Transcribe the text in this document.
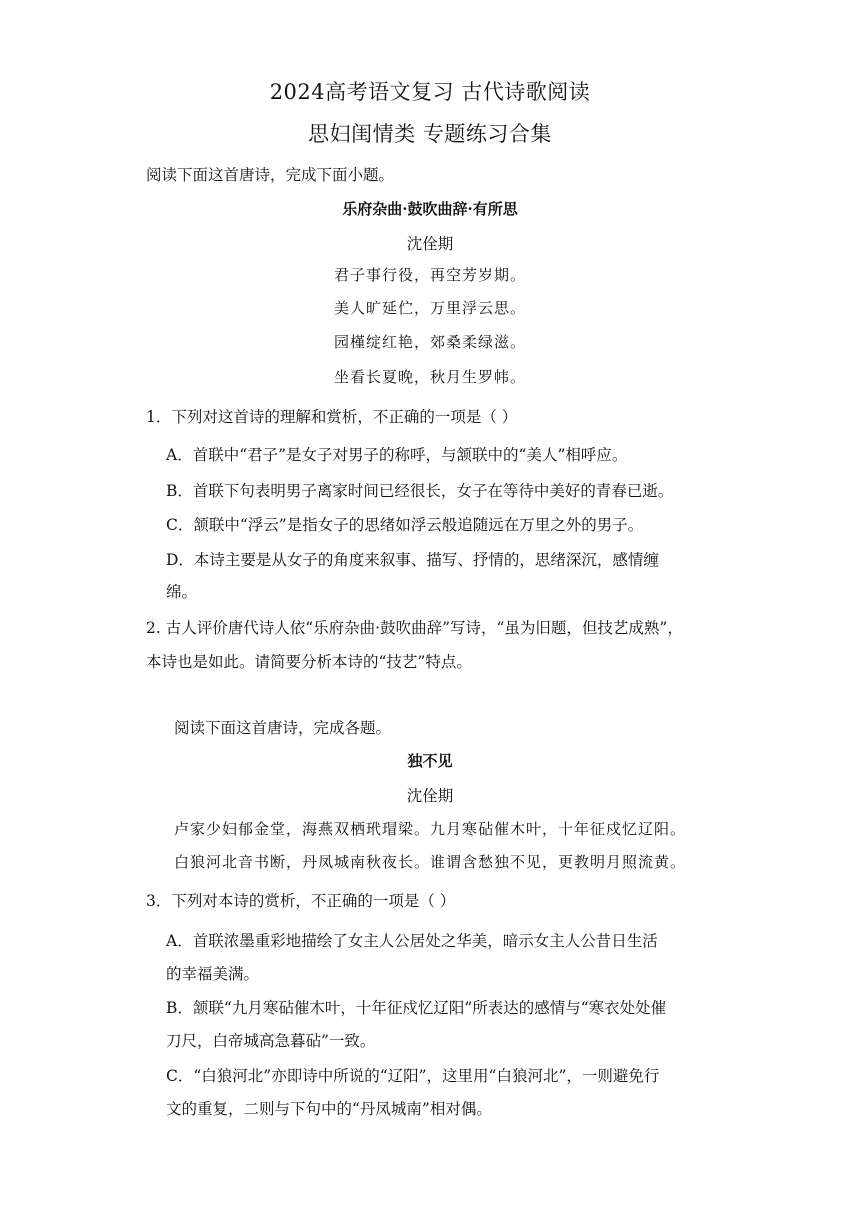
2024高考语文复习 古代诗歌阅读
思妇闺情类 专题练习合集
阅读下面这首唐诗，完成下面小题。
乐府杂曲·鼓吹曲辞·有所思
沈佺期
君子事行役，再空芳岁期。
美人旷延伫，万里浮云思。
园槿绽红艳，郊桑柔绿滋。
坐看长夏晚，秋月生罗帏。
1．下列对这首诗的理解和赏析，不正确的一项是（ ）
A．首联中“君子”是女子对男子的称呼，与颔联中的“美人”相呼应。
B．首联下句表明男子离家时间已经很长，女子在等待中美好的青春已逝。
C．颔联中“浮云”是指女子的思绪如浮云般追随远在万里之外的男子。
D．本诗主要是从女子的角度来叙事、描写、抒情的，思绪深沉，感情缠
绵。
2. 古人评价唐代诗人依“乐府杂曲·鼓吹曲辞”写诗，“虽为旧题，但技艺成熟”，
本诗也是如此。请简要分析本诗的“技艺”特点。
阅读下面这首唐诗，完成各题。
独不见
沈佺期
卢家少妇郁金堂，海燕双栖玳瑁梁。九月寒砧催木叶，十年征戍忆辽阳。
白狼河北音书断，丹凤城南秋夜长。谁谓含愁独不见，更教明月照流黄。
3．下列对本诗的赏析，不正确的一项是（ ）
A．首联浓墨重彩地描绘了女主人公居处之华美，暗示女主人公昔日生活
的幸福美满。
B．颔联“九月寒砧催木叶，十年征戍忆辽阳”所表达的感情与“寒衣处处催
刀尺，白帝城高急暮砧”一致。
C．“白狼河北”亦即诗中所说的“辽阳”，这里用“白狼河北”，一则避免行
文的重复，二则与下句中的“丹凤城南”相对偶。
